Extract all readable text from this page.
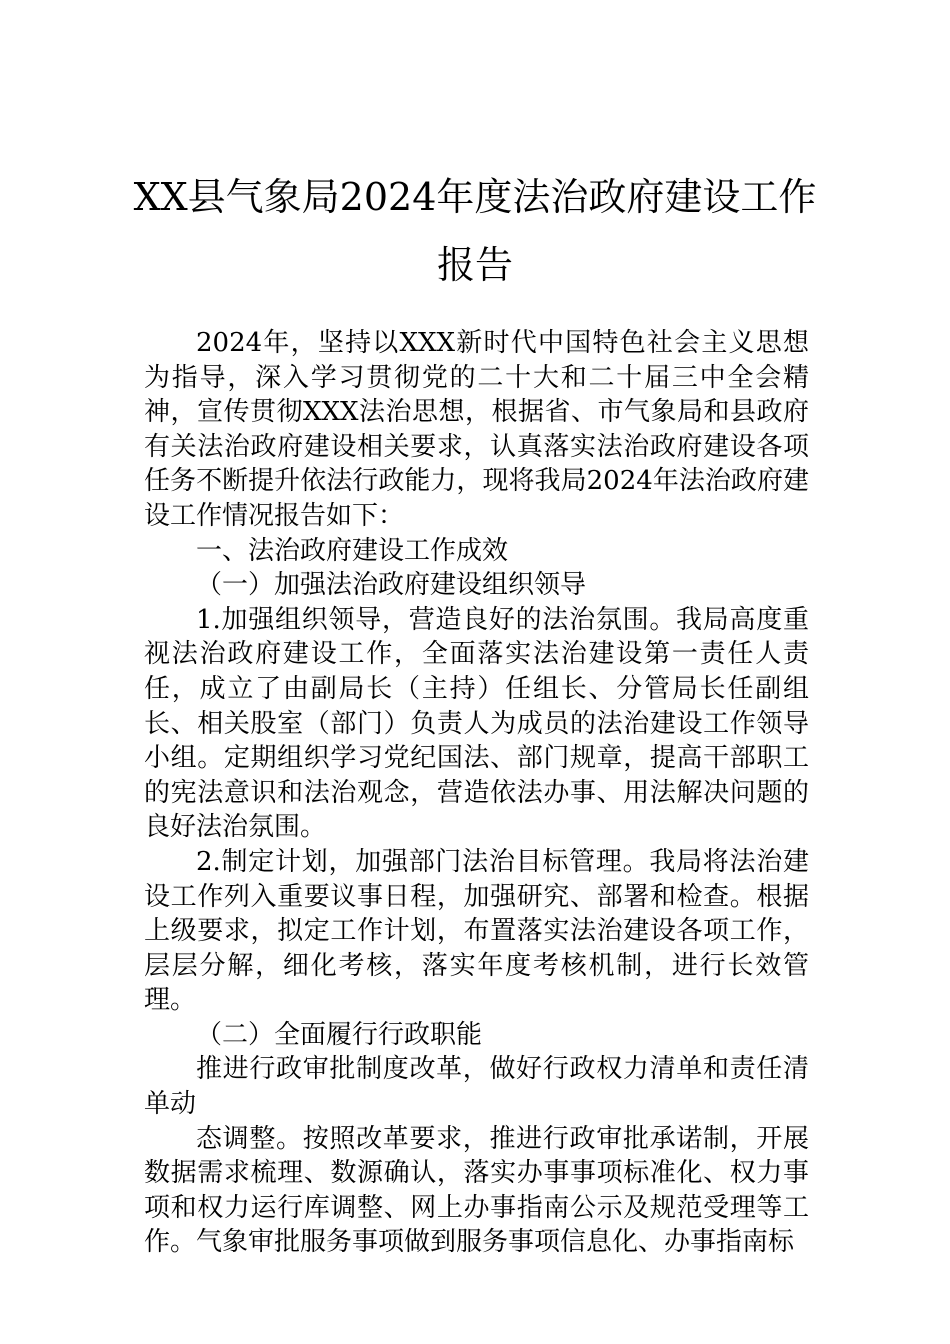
XX县气象局2024年度法治政府建设工作
报告

2024年，坚持以XXX新时代中国特色社会主义思想为指导，深入学习贯彻党的二十大和二十届三中全会精神，宣传贯彻XXX法治思想，根据省、市气象局和县政府有关法治政府建设相关要求，认真落实法治政府建设各项任务不断提升依法行政能力，现将我局2024年法治政府建设工作情况报告如下：

一、法治政府建设工作成效

（一）加强法治政府建设组织领导

1.加强组织领导，营造良好的法治氛围。我局高度重视法治政府建设工作，全面落实法治建设第一责任人责任，成立了由副局长（主持）任组长、分管局长任副组长、相关股室（部门）负责人为成员的法治建设工作领导小组。定期组织学习党纪国法、部门规章，提高干部职工的宪法意识和法治观念，营造依法办事、用法解决问题的良好法治氛围。

2.制定计划，加强部门法治目标管理。我局将法治建设工作列入重要议事日程，加强研究、部署和检查。根据上级要求，拟定工作计划，布置落实法治建设各项工作，层层分解，细化考核，落实年度考核机制，进行长效管理。

（二）全面履行行政职能

推进行政审批制度改革，做好行政权力清单和责任清单动

态调整。按照改革要求，推进行政审批承诺制，开展数据需求梳理、数源确认，落实办事事项标准化、权力事项和权力运行库调整、网上办事指南公示及规范受理等工作。气象审批服务事项做到服务事项信息化、办事指南标
